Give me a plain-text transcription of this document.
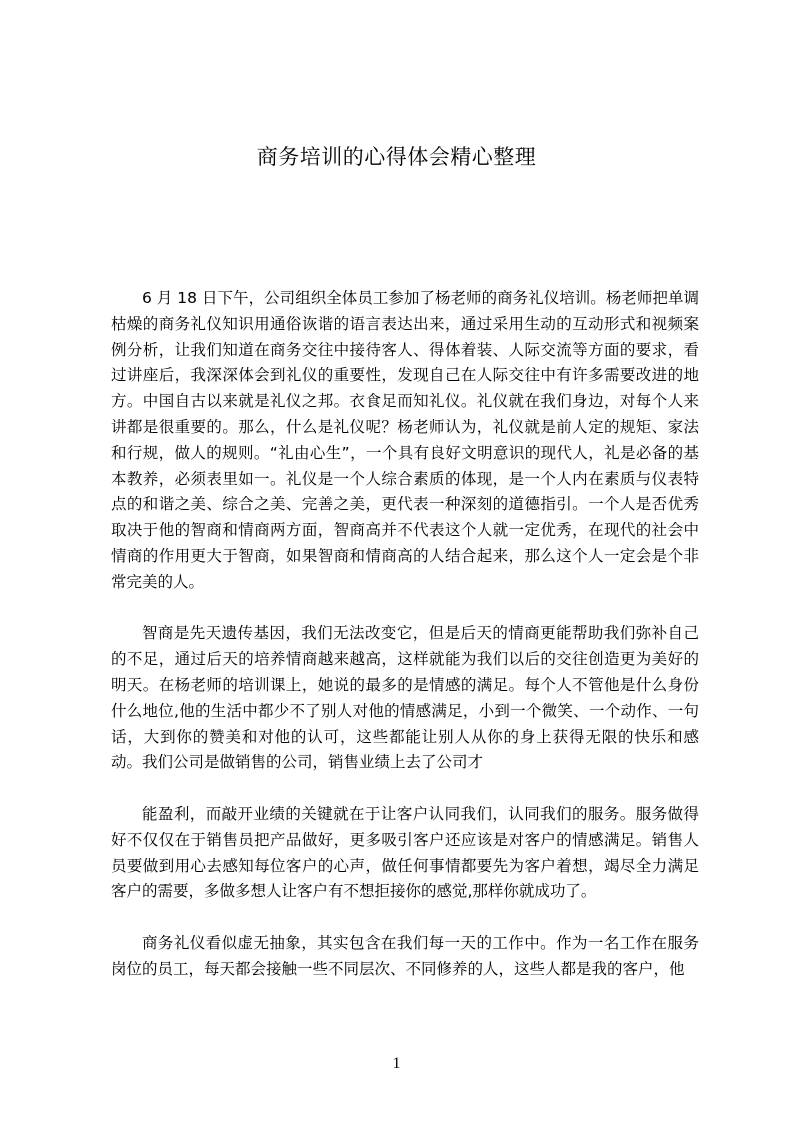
商务培训的心得体会精心整理

6 月 18 日下午，公司组织全体员工参加了杨老师的商务礼仪培训。杨老师把单调枯燥的商务礼仪知识用通俗诙谐的语言表达出来，通过采用生动的互动形式和视频案例分析，让我们知道在商务交往中接待客人、得体着装、人际交流等方面的要求，看过讲座后，我深深体会到礼仪的重要性，发现自己在人际交往中有许多需要改进的地方。中国自古以来就是礼仪之邦。衣食足而知礼仪。礼仪就在我们身边，对每个人来讲都是很重要的。那么，什么是礼仪呢？杨老师认为，礼仪就是前人定的规矩、家法和行规，做人的规则。“礼由心生”，一个具有良好文明意识的现代人，礼是必备的基本教养，必须表里如一。礼仪是一个人综合素质的体现，是一个人内在素质与仪表特点的和谐之美、综合之美、完善之美，更代表一种深刻的道德指引。一个人是否优秀取决于他的智商和情商两方面，智商高并不代表这个人就一定优秀，在现代的社会中情商的作用更大于智商，如果智商和情商高的人结合起来，那么这个人一定会是个非常完美的人。

智商是先天遗传基因，我们无法改变它，但是后天的情商更能帮助我们弥补自己的不足，通过后天的培养情商越来越高，这样就能为我们以后的交往创造更为美好的明天。在杨老师的培训课上，她说的最多的是情感的满足。每个人不管他是什么身份什么地位,他的生活中都少不了别人对他的情感满足，小到一个微笑、一个动作、一句话，大到你的赞美和对他的认可，这些都能让别人从你的身上获得无限的快乐和感动。我们公司是做销售的公司，销售业绩上去了公司才

能盈利，而敲开业绩的关键就在于让客户认同我们，认同我们的服务。服务做得好不仅仅在于销售员把产品做好，更多吸引客户还应该是对客户的情感满足。销售人员要做到用心去感知每位客户的心声，做任何事情都要先为客户着想，竭尽全力满足客户的需要，多做多想人让客户有不想拒接你的感觉,那样你就成功了。

商务礼仪看似虚无抽象，其实包含在我们每一天的工作中。作为一名工作在服务岗位的员工，每天都会接触一些不同层次、不同修养的人，这些人都是我的客户，他

1
